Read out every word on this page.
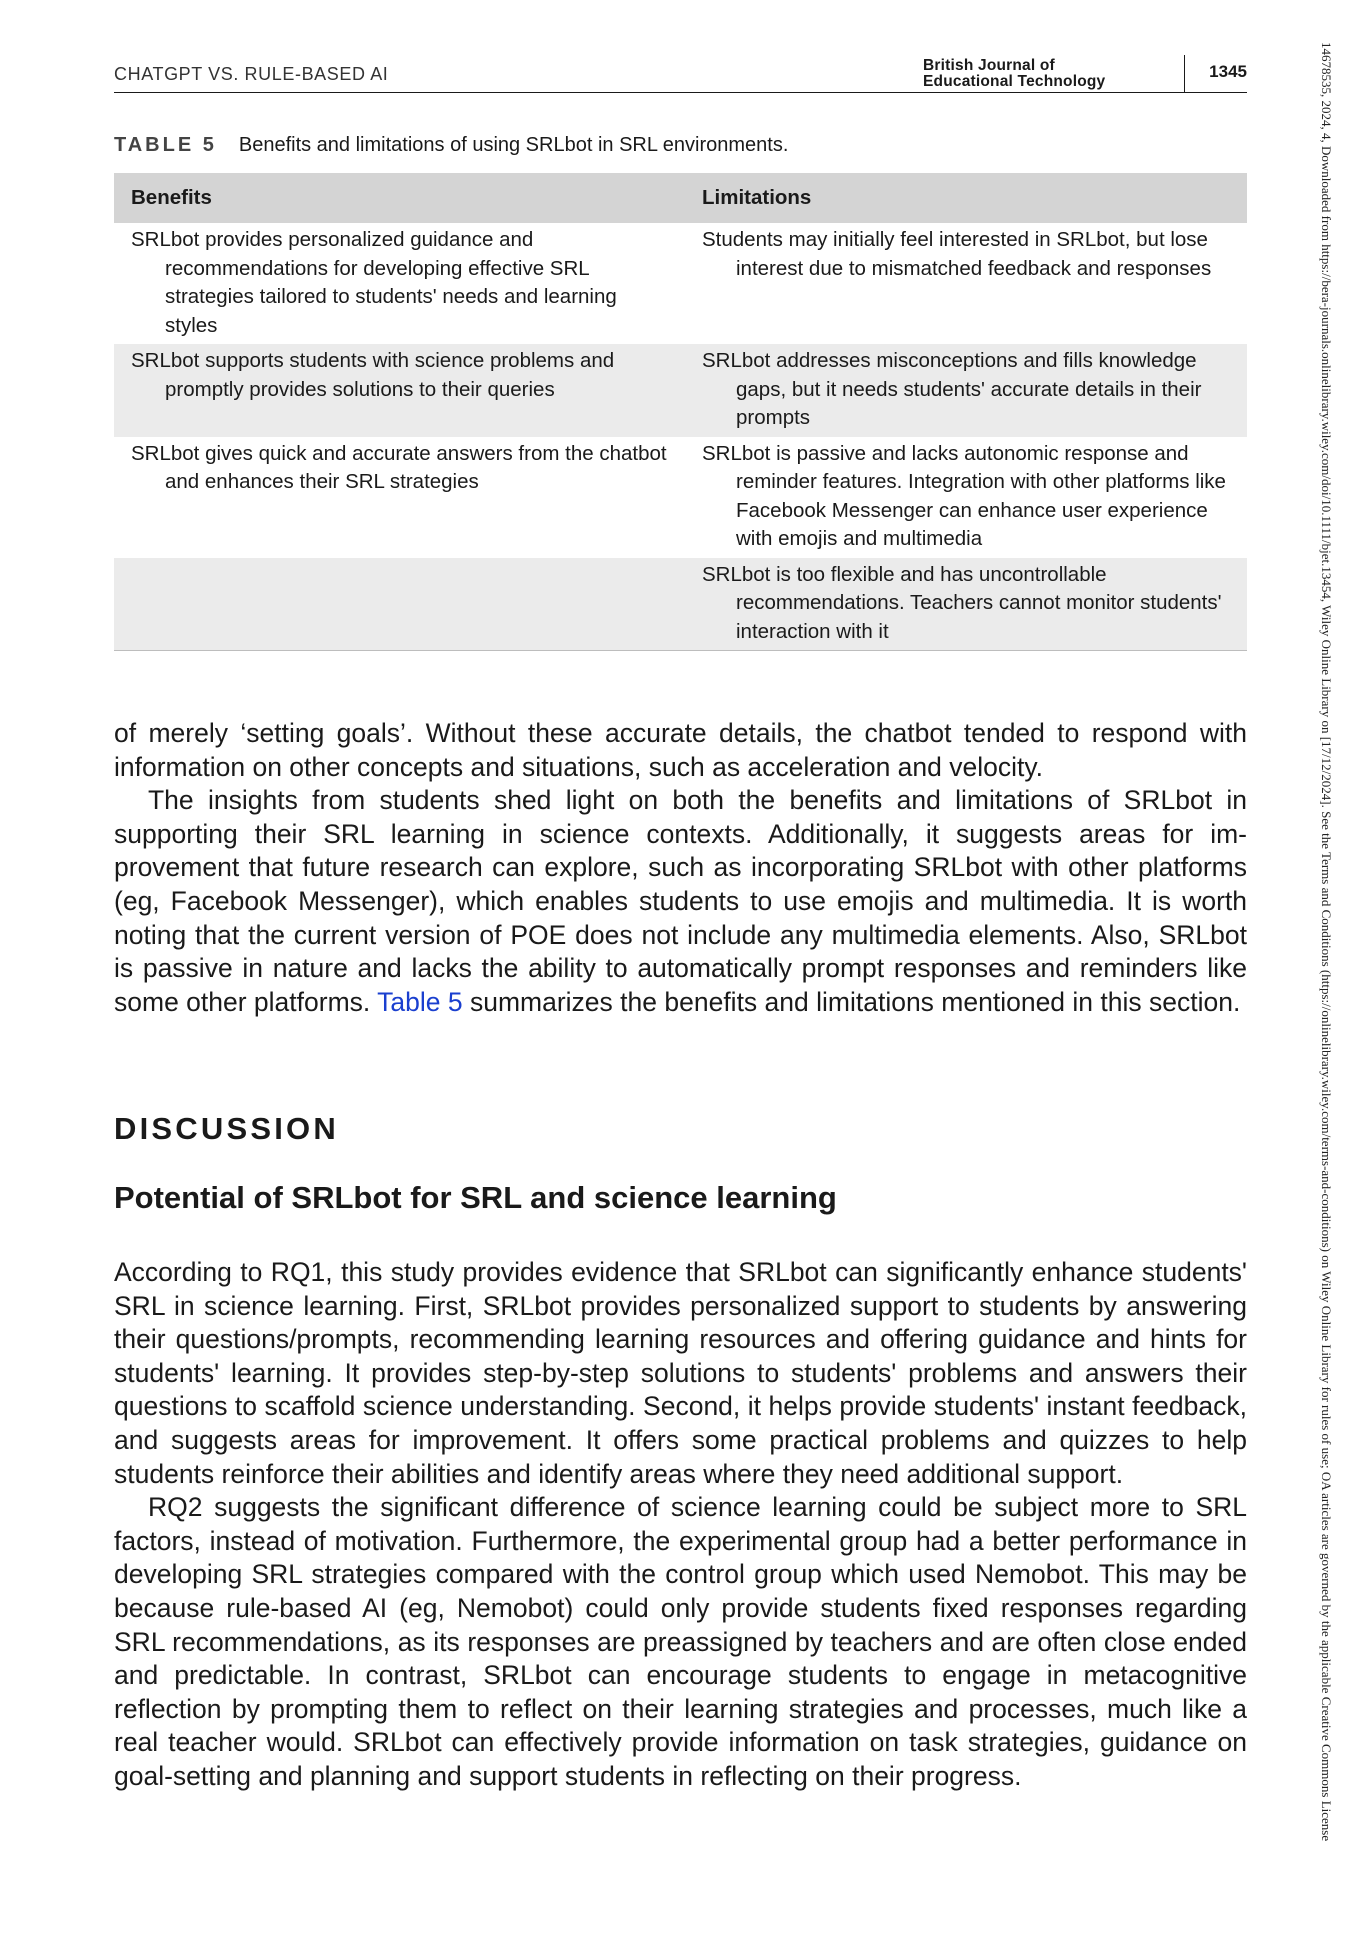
CHATGPT VS. RULE-BASED AI	British Journal of
Educational Technology
1345	14678535, 2024, 4, Downloaded from https://bera-journals.onlinelibrary.wiley.com/doi/10.1111/bjet.13454, Wiley Online Library on [17/12/2024]. See the Terms and Conditions (https://onlinelibrary.wiley.com/terms-and-conditions) on Wiley Online Library for rules of use; OA articles are governed by the applicable Creative Commons License
TABLE 5 Benefits and limitations of using SRLbot in SRL environments.
Benefits	Limitations

SRLbot provides personalized guidance and recommendations for developing effective SRL strategies tailored to students' needs and learning styles	Students may initially feel interested in SRLbot, but lose interest due to mismatched feedback and responses

SRLbot supports students with science problems and promptly provides solutions to their queries	SRLbot addresses misconceptions and fills knowledge gaps, but it needs students' accurate details in their prompts

SRLbot gives quick and accurate answers from the chatbot and enhances their SRL strategies	SRLbot is passive and lacks autonomic response and reminder features. Integration with other platforms like Facebook Messenger can enhance user experience with emojis and multimedia

	SRLbot is too flexible and has uncontrollable recommendations. Teachers cannot monitor students' interaction with it

of merely ‘setting goals’. Without these accurate details, the chatbot tended to respond with information on other concepts and situations, such as acceleration and velocity.

The insights from students shed light on both the benefits and limitations of SRLbot in supporting their SRL learning in science contexts. Additionally, it suggests areas for improvement that future research can explore, such as incorporating SRLbot with other platforms (eg, Facebook Messenger), which enables students to use emojis and multimedia. It is worth noting that the current version of POE does not include any multimedia elements. Also, SRLbot is passive in nature and lacks the ability to automatically prompt responses and reminders like some other platforms. Table 5 summarizes the benefits and limitations mentioned in this section.

DISCUSSION
Potential of SRLbot for SRL and science learning

According to RQ1, this study provides evidence that SRLbot can significantly enhance students' SRL in science learning. First, SRLbot provides personalized support to students by answering their questions/prompts, recommending learning resources and offering guidance and hints for students' learning. It provides step-by-step solutions to students' problems and answers their questions to scaffold science understanding. Second, it helps provide students' instant feedback, and suggests areas for improvement. It offers some practical problems and quizzes to help students reinforce their abilities and identify areas where they need additional support.

RQ2 suggests the significant difference of science learning could be subject more to SRL factors, instead of motivation. Furthermore, the experimental group had a better performance in developing SRL strategies compared with the control group which used Nemobot. This may be because rule-based AI (eg, Nemobot) could only provide students fixed responses regarding SRL recommendations, as its responses are preassigned by teachers and are often close ended and predictable. In contrast, SRLbot can encourage students to engage in metacognitive reflection by prompting them to reflect on their learning strategies and processes, much like a real teacher would. SRLbot can effectively provide information on task strategies, guidance on goal-setting and planning and support students in reflecting on their progress.
